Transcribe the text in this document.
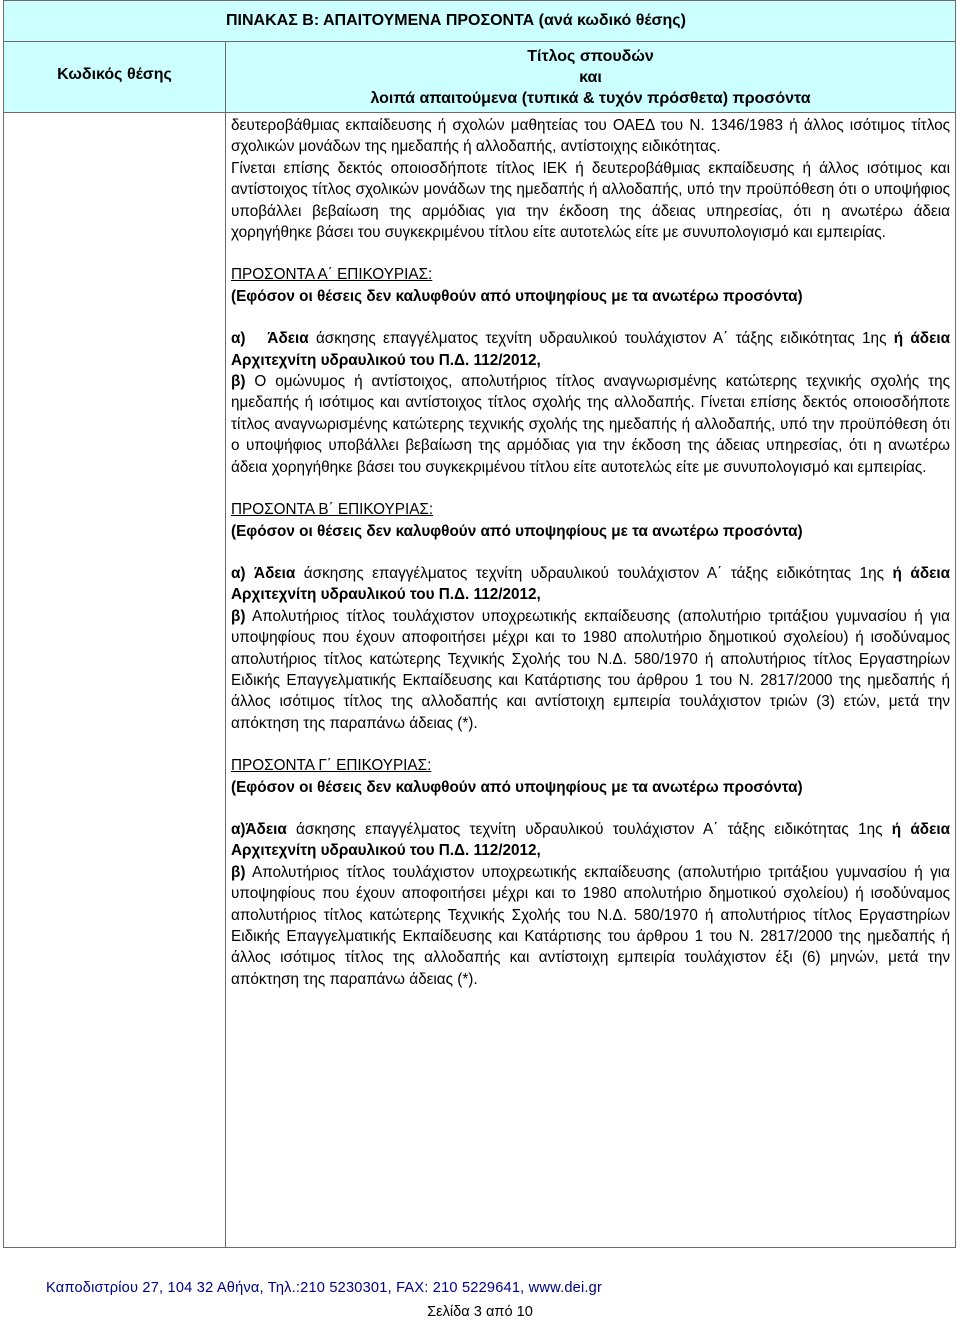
ΠΙΝΑΚΑΣ Β: ΑΠΑΙΤΟΥΜΕΝΑ ΠΡΟΣΟΝΤΑ (ανά κωδικό θέσης)
Κωδικός θέσης
Τίτλος σπουδών
και
λοιπά απαιτούμενα (τυπικά & τυχόν πρόσθετα) προσόντα

δευτεροβάθμιας εκπαίδευσης ή σχολών μαθητείας του ΟΑΕΔ του Ν. 1346/1983 ή άλλος ισότιμος τίτλος σχολικών μονάδων της ημεδαπής ή αλλοδαπής, αντίστοιχης ειδικότητας.

Γίνεται επίσης δεκτός οποιοσδήποτε τίτλος ΙΕΚ ή δευτεροβάθμιας εκπαίδευσης ή άλλος ισότιμος και αντίστοιχος τίτλος σχολικών μονάδων της ημεδαπής ή αλλοδαπής, υπό την προϋπόθεση ότι ο υποψήφιος υποβάλλει βεβαίωση της αρμόδιας για την έκδοση της άδειας υπηρεσίας, ότι η ανωτέρω άδεια χορηγήθηκε βάσει του συγκεκριμένου τίτλου είτε αυτοτελώς είτε με συνυπολογισμό και εμπειρίας.

ΠΡΟΣΟΝΤΑ Α΄ ΕΠΙΚΟΥΡΙΑΣ:

(Εφόσον οι θέσεις δεν καλυφθούν από υποψηφίους με τα ανωτέρω προσόντα)

α) Άδεια άσκησης επαγγέλματος τεχνίτη υδραυλικού τουλάχιστον Α΄ τάξης ειδικότητας 1ης ή άδεια Αρχιτεχνίτη υδραυλικού του Π.Δ. 112/2012,

β) Ο ομώνυμος ή αντίστοιχος, απολυτήριος τίτλος αναγνωρισμένης κατώτερης τεχνικής σχολής της ημεδαπής ή ισότιμος και αντίστοιχος τίτλος σχολής της αλλοδαπής. Γίνεται επίσης δεκτός οποιοσδήποτε τίτλος αναγνωρισμένης κατώτερης τεχνικής σχολής της ημεδαπής ή αλλοδαπής, υπό την προϋπόθεση ότι ο υποψήφιος υποβάλλει βεβαίωση της αρμόδιας για την έκδοση της άδειας υπηρεσίας, ότι η ανωτέρω άδεια χορηγήθηκε βάσει του συγκεκριμένου τίτλου είτε αυτοτελώς είτε με συνυπολογισμό και εμπειρίας.

ΠΡΟΣΟΝΤΑ Β΄ ΕΠΙΚΟΥΡΙΑΣ:

(Εφόσον οι θέσεις δεν καλυφθούν από υποψηφίους με τα ανωτέρω προσόντα)

α) Άδεια άσκησης επαγγέλματος τεχνίτη υδραυλικού τουλάχιστον Α΄ τάξης ειδικότητας 1ης ή άδεια Αρχιτεχνίτη υδραυλικού του Π.Δ. 112/2012,

β) Απολυτήριος τίτλος τουλάχιστον υποχρεωτικής εκπαίδευσης (απολυτήριο τριτάξιου γυμνασίου ή για υποψηφίους που έχουν αποφοιτήσει μέχρι και το 1980 απολυτήριο δημοτικού σχολείου) ή ισοδύναμος απολυτήριος τίτλος κατώτερης Τεχνικής Σχολής του Ν.Δ. 580/1970 ή απολυτήριος τίτλος Εργαστηρίων Ειδικής Επαγγελματικής Εκπαίδευσης και Κατάρτισης του άρθρου 1 του Ν. 2817/2000 της ημεδαπής ή άλλος ισότιμος τίτλος της αλλοδαπής και αντίστοιχη εμπειρία τουλάχιστον τριών (3) ετών, μετά την απόκτηση της παραπάνω άδειας (*).

ΠΡΟΣΟΝΤΑ Γ΄ ΕΠΙΚΟΥΡΙΑΣ:

(Εφόσον οι θέσεις δεν καλυφθούν από υποψηφίους με τα ανωτέρω προσόντα)

α)Άδεια άσκησης επαγγέλματος τεχνίτη υδραυλικού τουλάχιστον Α΄ τάξης ειδικότητας 1ης ή άδεια Αρχιτεχνίτη υδραυλικού του Π.Δ. 112/2012,

β) Απολυτήριος τίτλος τουλάχιστον υποχρεωτικής εκπαίδευσης (απολυτήριο τριτάξιου γυμνασίου ή για υποψηφίους που έχουν αποφοιτήσει μέχρι και το 1980 απολυτήριο δημοτικού σχολείου) ή ισοδύναμος απολυτήριος τίτλος κατώτερης Τεχνικής Σχολής του Ν.Δ. 580/1970 ή απολυτήριος τίτλος Εργαστηρίων Ειδικής Επαγγελματικής Εκπαίδευσης και Κατάρτισης του άρθρου 1 του Ν. 2817/2000 της ημεδαπής ή άλλος ισότιμος τίτλος της αλλοδαπής και αντίστοιχη εμπειρία τουλάχιστον έξι (6) μηνών, μετά την απόκτηση της παραπάνω άδειας (*).

Καποδιστρίου 27, 104 32 Αθήνα, Τηλ.:210 5230301, FAX: 210 5229641, www.dei.gr
Σελίδα 3 από 10
